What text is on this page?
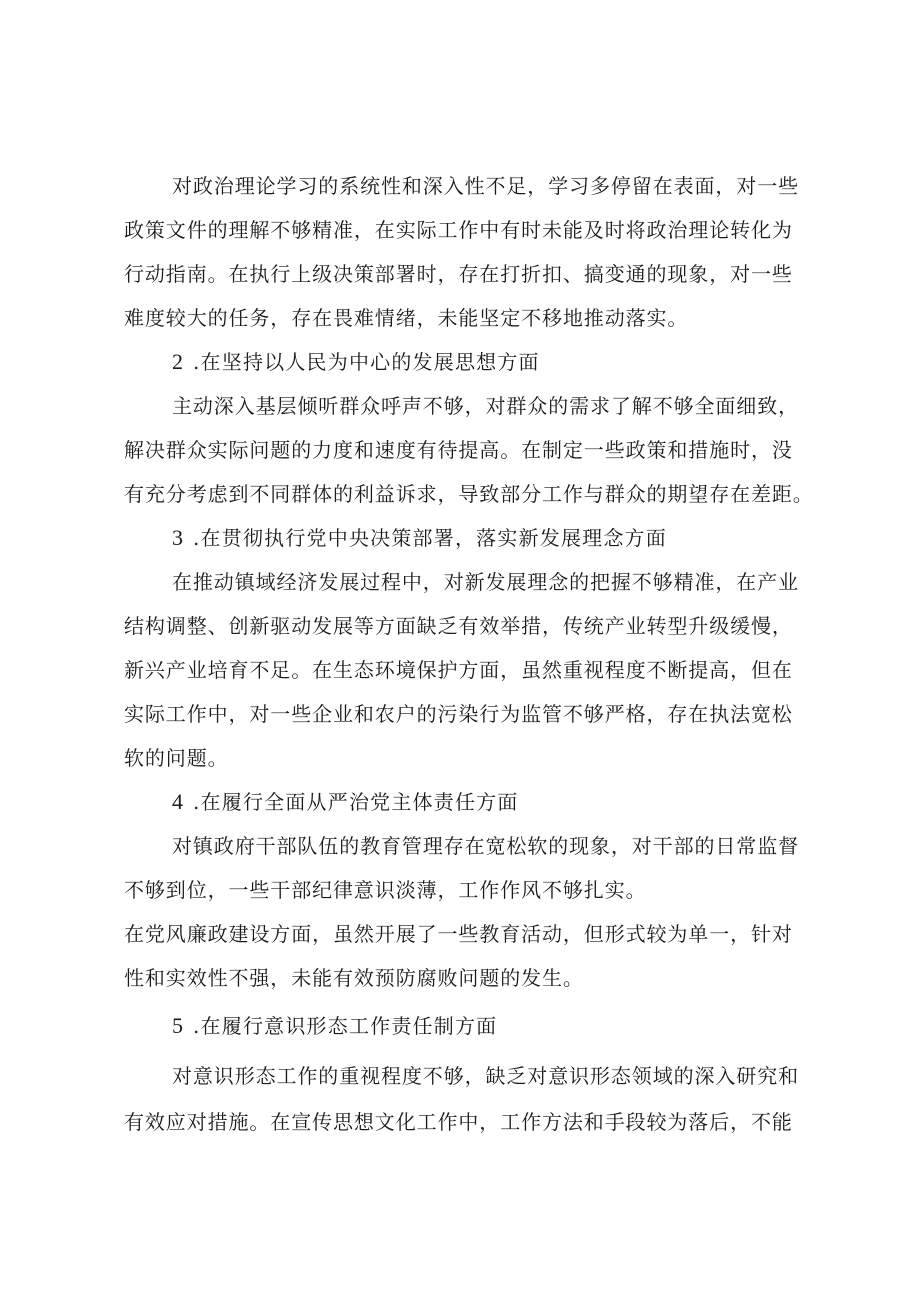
对政治理论学习的系统性和深入性不足，学习多停留在表面，对一些
政策文件的理解不够精准，在实际工作中有时未能及时将政治理论转化为
行动指南。在执行上级决策部署时，存在打折扣、搞变通的现象，对一些
难度较大的任务，存在畏难情绪，未能坚定不移地推动落实。
2 .在坚持以人民为中心的发展思想方面
主动深入基层倾听群众呼声不够，对群众的需求了解不够全面细致，
解决群众实际问题的力度和速度有待提高。在制定一些政策和措施时，没
有充分考虑到不同群体的利益诉求，导致部分工作与群众的期望存在差距。
3 .在贯彻执行党中央决策部署，落实新发展理念方面
在推动镇域经济发展过程中，对新发展理念的把握不够精准，在产业
结构调整、创新驱动发展等方面缺乏有效举措，传统产业转型升级缓慢，
新兴产业培育不足。在生态环境保护方面，虽然重视程度不断提高，但在
实际工作中，对一些企业和农户的污染行为监管不够严格，存在执法宽松
软的问题。
4 .在履行全面从严治党主体责任方面
对镇政府干部队伍的教育管理存在宽松软的现象，对干部的日常监督
不够到位，一些干部纪律意识淡薄，工作作风不够扎实。
在党风廉政建设方面，虽然开展了一些教育活动，但形式较为单一，针对
性和实效性不强，未能有效预防腐败问题的发生。
5 .在履行意识形态工作责任制方面
对意识形态工作的重视程度不够，缺乏对意识形态领域的深入研究和
有效应对措施。在宣传思想文化工作中，工作方法和手段较为落后，不能
